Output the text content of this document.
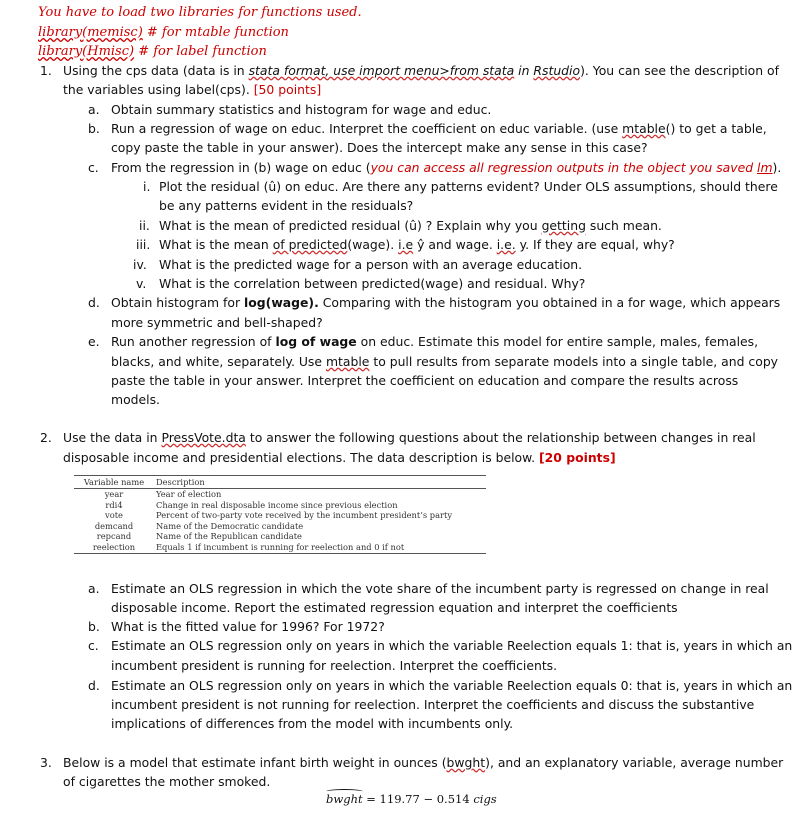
You have to load two libraries for functions used.
library(memisc) # for mtable function
library(Hmisc) # for label function
1. Using the cps data (data is in stata format, use import menu>from stata in Rstudio). You can see the description of
the variables using label(cps). [50 points]
a. Obtain summary statistics and histogram for wage and educ.
b. Run a regression of wage on educ. Interpret the coefficient on educ variable. (use mtable() to get a table,
copy paste the table in your answer). Does the intercept make any sense in this case?
c. From the regression in (b) wage on educ (you can access all regression outputs in the object you saved lm).
i. Plot the residual (û) on educ. Are there any patterns evident? Under OLS assumptions, should there
be any patterns evident in the residuals?
ii. What is the mean of predicted residual (û) ? Explain why you getting such mean.
iii. What is the mean of predicted(wage). i.e ŷ and wage. i.e. y. If they are equal, why?
iv. What is the predicted wage for a person with an average education.
v. What is the correlation between predicted(wage) and residual. Why?
d. Obtain histogram for log(wage). Comparing with the histogram you obtained in a for wage, which appears
more symmetric and bell-shaped?
e. Run another regression of log of wage on educ. Estimate this model for entire sample, males, females,
blacks, and white, separately. Use mtable to pull results from separate models into a single table, and copy
paste the table in your answer. Interpret the coefficient on education and compare the results across
models.
2. Use the data in PressVote.dta to answer the following questions about the relationship between changes in real
disposable income and presidential elections. The data description is below. [20 points]
Variable name	Description
year	Year of election
rdi4	Change in real disposable income since previous election
vote	Percent of two-party vote received by the incumbent president’s party
demcand	Name of the Democratic candidate
repcand	Name of the Republican candidate
reelection	Equals 1 if incumbent is running for reelection and 0 if not
a. Estimate an OLS regression in which the vote share of the incumbent party is regressed on change in real
disposable income. Report the estimated regression equation and interpret the coefficients
b. What is the fitted value for 1996? For 1972?
c. Estimate an OLS regression only on years in which the variable Reelection equals 1: that is, years in which an
incumbent president is running for reelection. Interpret the coefficients.
d. Estimate an OLS regression only on years in which the variable Reelection equals 0: that is, years in which an
incumbent president is not running for reelection. Interpret the coefficients and discuss the substantive
implications of differences from the model with incumbents only.
3. Below is a model that estimate infant birth weight in ounces (bwght), and an explanatory variable, average number
of cigarettes the mother smoked.
bwght = 119.77 − 0.514 cigs
